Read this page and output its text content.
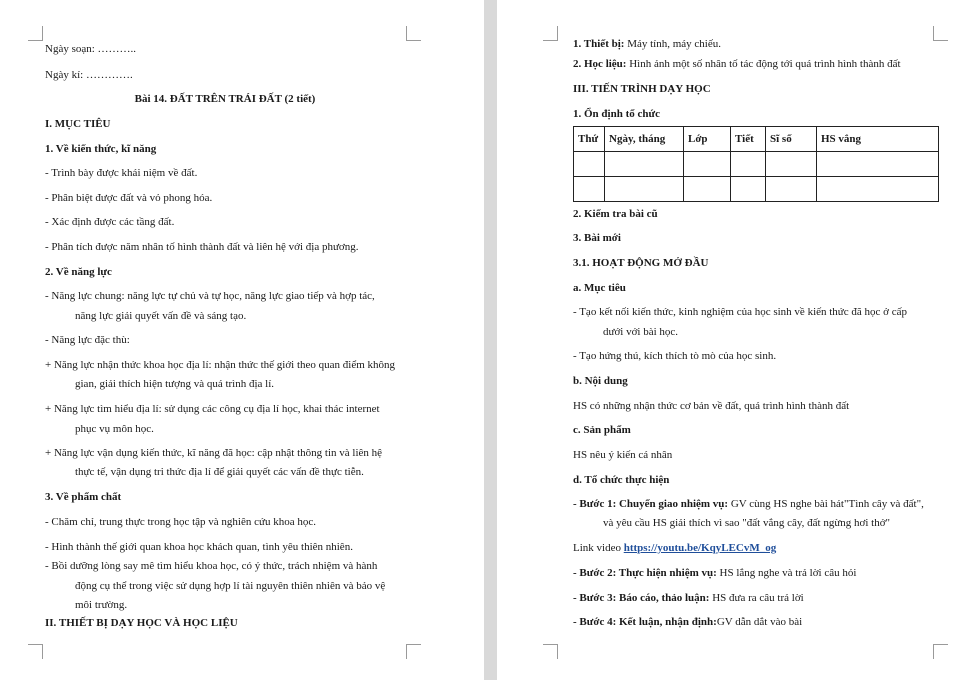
Ngày soạn: ………..
Ngày kí: ………….
Bài 14. ĐẤT TRÊN TRÁI ĐẤT (2 tiết)
I. MỤC TIÊU
1. Về kiến thức, kĩ năng
- Trình bày được khái niệm về đất.
- Phân biệt được đất và vỏ phong hóa.
- Xác định được các tầng đất.
- Phân tích được năm nhân tố hình thành đất và liên hệ với địa phương.
2. Về năng lực
- Năng lực chung: năng lực tự chủ và tự học, năng lực giao tiếp và hợp tác,
năng lực giải quyết vấn đề và sáng tạo.
- Năng lực đặc thù:
+ Năng lực nhận thức khoa học địa lí: nhận thức thế giới theo quan điểm không
gian, giải thích hiện tượng và quá trình địa lí.
+ Năng lực tìm hiểu địa lí: sử dụng các công cụ địa lí học, khai thác internet
phục vụ môn học.
+ Năng lực vận dụng kiến thức, kĩ năng đã học: cập nhật thông tin và liên hệ
thực tế, vận dụng tri thức địa lí để giải quyết các vấn đề thực tiễn.
3. Về phẩm chất
- Chăm chỉ, trung thực trong học tập và nghiên cứu khoa học.
- Hình thành thế giới quan khoa học khách quan, tình yêu thiên nhiên.
- Bồi dưỡng lòng say mê tìm hiểu khoa học, có ý thức, trách nhiệm và hành
động cụ thể trong việc sử dụng hợp lí tài nguyên thiên nhiên và bảo vệ
môi trường.
II. THIẾT BỊ DẠY HỌC VÀ HỌC LIỆU
1. Thiết bị: Máy tính, máy chiếu.
2. Học liệu: Hình ảnh một số nhân tố tác động tới quá trình hình thành đất
III. TIẾN TRÌNH DẠY HỌC
1. Ổn định tổ chức
Thứ	Ngày, tháng	Lớp	Tiết	Sĩ số	HS vắng

2. Kiểm tra bài cũ
3. Bài mới
3.1. HOẠT ĐỘNG MỞ ĐẦU
a. Mục tiêu
- Tạo kết nối kiến thức, kinh nghiệm của học sinh về kiến thức đã học ở cấp
dưới với bài học.
- Tạo hứng thú, kích thích tò mò của học sinh.
b. Nội dung
HS có những nhận thức cơ bản về đất, quá trình hình thành đất
c. Sản phẩm
HS nêu ý kiến cá nhân
d. Tổ chức thực hiện
- Bước 1: Chuyển giao nhiệm vụ: GV cùng HS nghe bài hát"Tình cây và đất",
và yêu cầu HS giải thích vì sao "đất vắng cây, đất ngừng hơi thở"
Link video https://youtu.be/KqyLECvM_og
- Bước 2: Thực hiện nhiệm vụ: HS lắng nghe và trả lời câu hỏi
- Bước 3: Báo cáo, thảo luận: HS đưa ra câu trả lời
- Bước 4: Kết luận, nhận định:GV dẫn dắt vào bài
